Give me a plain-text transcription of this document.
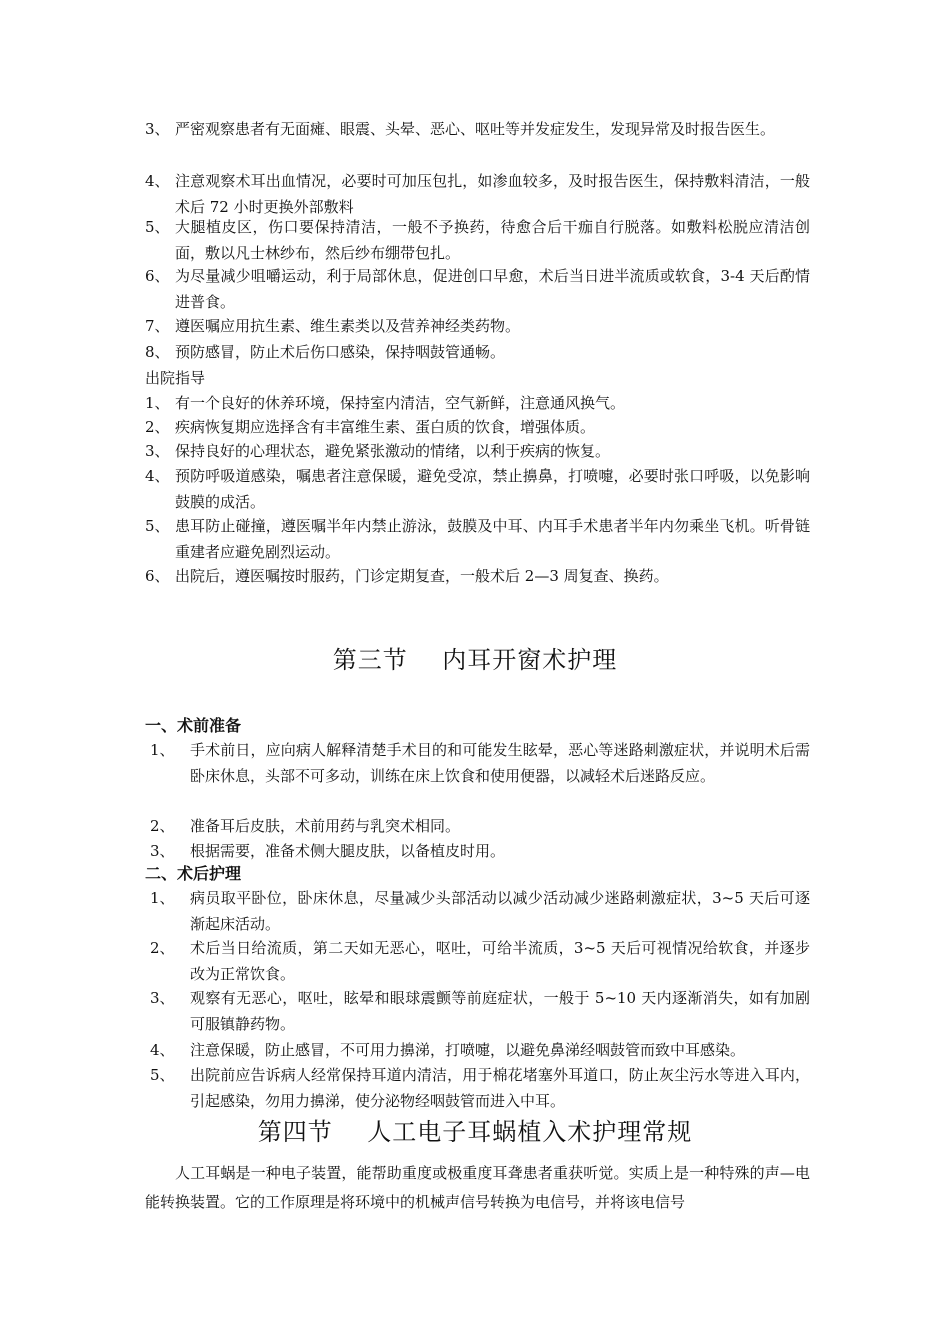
3、 严密观察患者有无面瘫、眼震、头晕、恶心、呕吐等并发症发生，发现异常及时报告医生。
4、 注意观察术耳出血情况，必要时可加压包扎，如渗血较多，及时报告医生，保持敷料清洁，一般术后 72 小时更换外部敷料
5、 大腿植皮区，伤口要保持清洁，一般不予换药，待愈合后干痂自行脱落。如敷料松脱应清洁创面，敷以凡士林纱布，然后纱布绷带包扎。
6、 为尽量减少咀嚼运动，利于局部休息，促进创口早愈，术后当日进半流质或软食，3-4 天后酌情进普食。
7、 遵医嘱应用抗生素、维生素类以及营养神经类药物。
8、 预防感冒，防止术后伤口感染，保持咽鼓管通畅。
出院指导
1、 有一个良好的休养环境，保持室内清洁，空气新鲜，注意通风换气。
2、 疾病恢复期应选择含有丰富维生素、蛋白质的饮食，增强体质。
3、 保持良好的心理状态，避免紧张激动的情绪，以利于疾病的恢复。
4、 预防呼吸道感染，嘱患者注意保暖，避免受凉，禁止擤鼻，打喷嚏，必要时张口呼吸，以免影响鼓膜的成活。
5、 患耳防止碰撞，遵医嘱半年内禁止游泳，鼓膜及中耳、内耳手术患者半年内勿乘坐飞机。听骨链重建者应避免剧烈运动。
6、 出院后，遵医嘱按时服药，门诊定期复查，一般术后 2—3 周复查、换药。
第三节    内耳开窗术护理
一、术前准备
1、 手术前日，应向病人解释清楚手术目的和可能发生眩晕，恶心等迷路刺激症状，并说明术后需卧床休息，头部不可多动，训练在床上饮食和使用便器，以减轻术后迷路反应。
2、 准备耳后皮肤，术前用药与乳突术相同。
3、 根据需要，准备术侧大腿皮肤，以备植皮时用。
二、术后护理
1、 病员取平卧位，卧床休息，尽量减少头部活动以减少活动减少迷路刺激症状，3~5 天后可逐渐起床活动。
2、 术后当日给流质，第二天如无恶心，呕吐，可给半流质，3~5 天后可视情况给软食，并逐步改为正常饮食。
3、 观察有无恶心，呕吐，眩晕和眼球震颤等前庭症状，一般于 5~10 天内逐渐消失，如有加剧可服镇静药物。
4、 注意保暖，防止感冒，不可用力擤涕，打喷嚏，以避免鼻涕经咽鼓管而致中耳感染。
5、 出院前应告诉病人经常保持耳道内清洁，用于棉花堵塞外耳道口，防止灰尘污水等进入耳内，引起感染，勿用力擤涕，使分泌物经咽鼓管而进入中耳。
第四节    人工电子耳蜗植入术护理常规
人工耳蜗是一种电子装置，能帮助重度或极重度耳聋患者重获听觉。实质上是一种特殊的声—电能转换装置。它的工作原理是将环境中的机械声信号转换为电信号，并将该电信号
